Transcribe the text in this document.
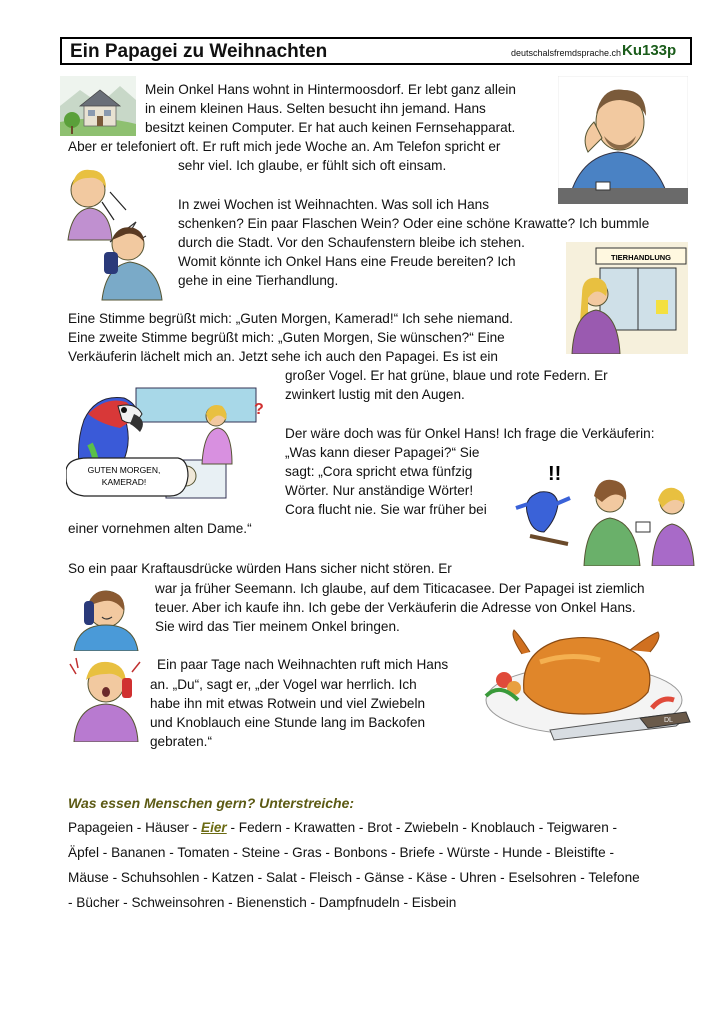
Ein Papagei zu Weihnachten	deutschalsfremdsprache.ch Ku133p
Mein Onkel Hans wohnt in Hintermoosdorf. Er lebt ganz allein
in einem kleinen Haus. Selten besucht ihn jemand. Hans
besitzt keinen Computer. Er hat auch keinen Fernsehapparat.
Aber er telefoniert oft. Er ruft mich jede Woche an. Am Telefon spricht er
sehr viel. Ich glaube, er fühlt sich oft einsam.
In zwei Wochen ist Weihnachten. Was soll ich Hans
schenken? Ein paar Flaschen Wein? Oder eine schöne Krawatte? Ich bummle
durch die Stadt. Vor den Schaufenstern bleibe ich stehen.
Womit könnte ich Onkel Hans eine Freude bereiten? Ich
gehe in eine Tierhandlung.
Eine Stimme begrüßt mich: „Guten Morgen, Kamerad!“ Ich sehe niemand.
Eine zweite Stimme begrüßt mich: „Guten Morgen, Sie wünschen?“ Eine
Verkäuferin lächelt mich an. Jetzt sehe ich auch den Papagei. Es ist ein
großer Vogel. Er hat grüne, blaue und rote Federn. Er
zwinkert lustig mit den Augen.
Der wäre doch was für Onkel Hans! Ich frage die Verkäuferin:
„Was kann dieser Papagei?“ Sie
sagt: „Cora spricht etwa fünfzig
Wörter. Nur anständige Wörter!
Cora flucht nie. Sie war früher bei
einer vornehmen alten Dame.“
So ein paar Kraftausdrücke würden Hans sicher nicht stören. Er
war ja früher Seemann. Ich glaube, auf dem Titicacasee. Der Papagei ist ziemlich
teuer. Aber ich kaufe ihn. Ich gebe der Verkäuferin die Adresse von Onkel Hans.
Sie wird das Tier meinem Onkel bringen.
Ein paar Tage nach Weihnachten ruft mich Hans
an. „Du“, sagt er, „der Vogel war herrlich. Ich
habe ihn mit etwas Rotwein und viel Zwiebeln
und Knoblauch eine Stunde lang im Backofen
gebraten.“
TIERHANDLUNG
?
GUTEN MORGEN,
KAMERAD!	!!
DL
Was essen Menschen gern? Unterstreiche:
Papageien - Häuser - Eier - Federn - Krawatten - Brot - Zwiebeln - Knoblauch - Teigwaren -
Äpfel - Bananen - Tomaten - Steine - Gras - Bonbons - Briefe - Würste - Hunde - Bleistifte -
Mäuse - Schuhsohlen - Katzen - Salat - Fleisch - Gänse - Käse - Uhren - Eselsohren - Telefone
- Bücher - Schweinsohren - Bienenstich - Dampfnudeln - Eisbein
